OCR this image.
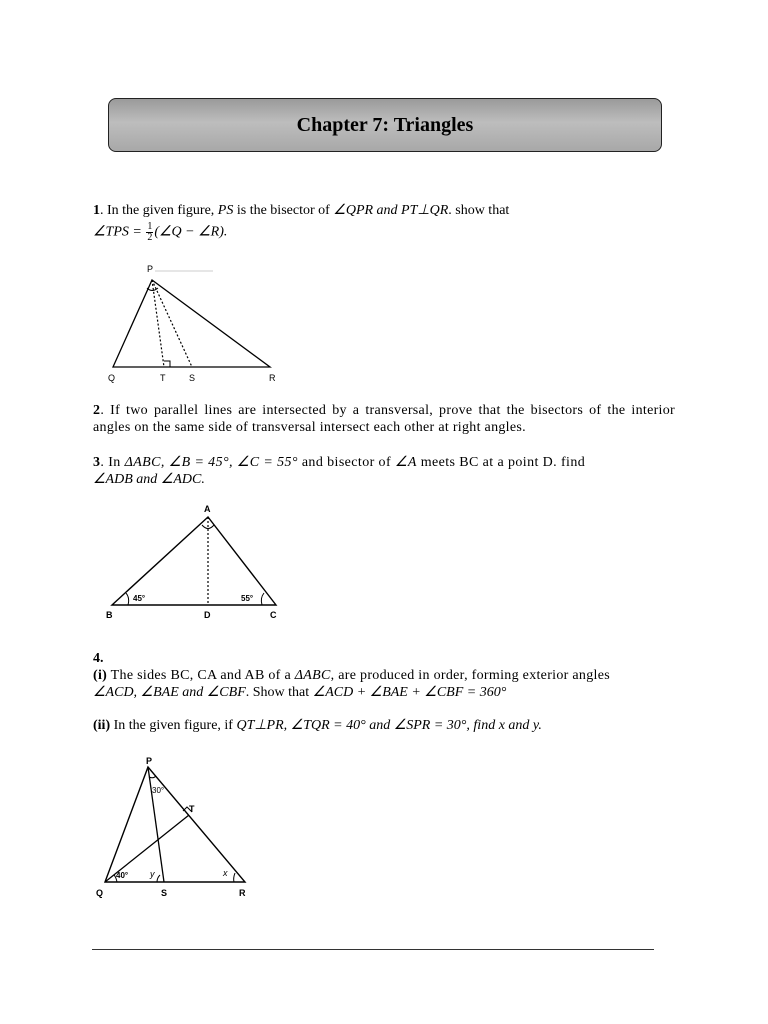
Chapter 7: Triangles
1. In the given figure, PS is the bisector of ∠QPR and PT⊥QR. show that
∠TPS = $\frac{1}{2}$ (∠Q − ∠R).
P
Q	T	S	R
2. If two parallel lines are intersected by a transversal, prove that the bisectors of the interior angles on the same side of transversal intersect each other at right angles.
3. In ΔABC, ∠B = 45°, ∠C = 55° and bisector of ∠A meets BC at a point D. find
∠ADB and ∠ADC.
A
B	D	C
45°	55°
4.
(i) The sides BC, CA and AB of a ΔABC, are produced in order, forming exterior angles
∠ACD, ∠BAE and ∠CBF. Show that ∠ACD + ∠BAE + ∠CBF = 360°
(ii) In the given figure, if QT⊥PR, ∠TQR = 40° and ∠SPR = 30°, find x and y.
P
T
Q	S	R
30°
40° y	x
